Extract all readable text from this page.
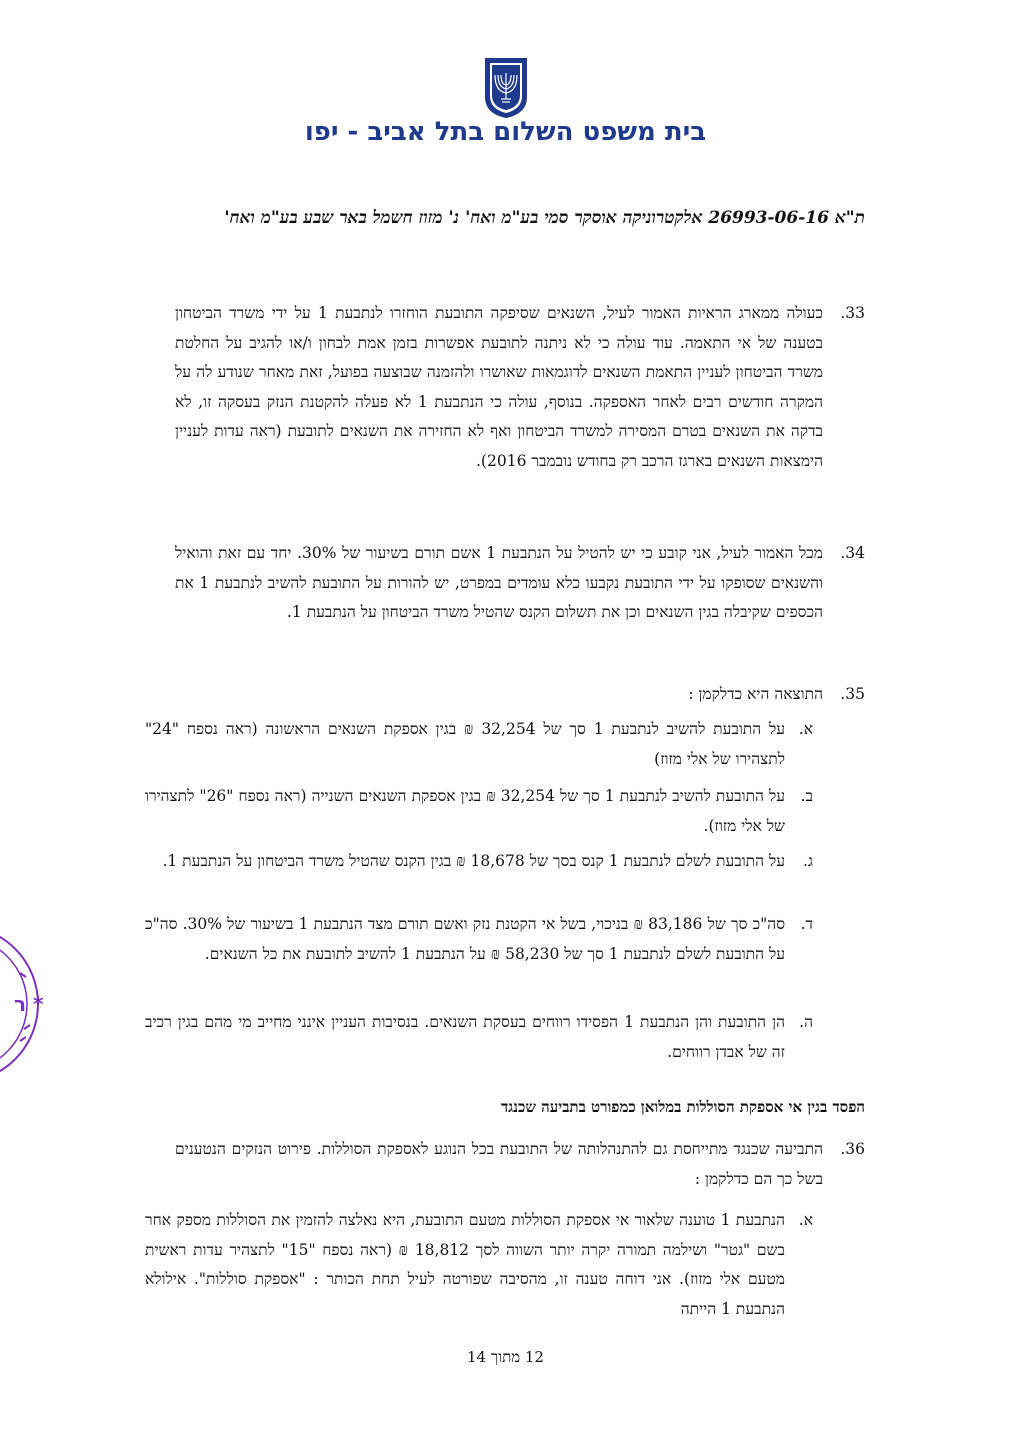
בית משפט השלום בתל אביב - יפו
ת"א 26993-06-16 אלקטרוניקה אוסקר סמי בע"מ ואח' נ' מזוז חשמל באר שבע בע"מ ואח'
33.
כעולה ממארג הראיות האמור לעיל, השנאים שסיפקה התובעת הוחזרו לנתבעת 1 על ידי משרד הביטחון בטענה של אי התאמה. עוד עולה כי לא ניתנה לתובעת אפשרות בזמן אמת לבחון ו/או להגיב על החלטת משרד הביטחון לעניין התאמת השנאים לדוגמאות שאושרו ולהזמנה שבוצעה בפועל, זאת מאחר שנודע לה על המקרה חודשים רבים לאחר האספקה. בנוסף, עולה כי הנתבעת 1 לא פעלה להקטנת הנזק בעסקה זו, לא בדקה את השנאים בטרם המסירה למשרד הביטחון ואף לא החזירה את השנאים לתובעת (ראה עדות לעניין הימצאות השנאים בארגז הרכב רק בחודש נובמבר 2016).
34.
מכל האמור לעיל, אני קובע כי יש להטיל על הנתבעת 1 אשם תורם בשיעור של 30%. יחד עם זאת והואיל והשנאים שסופקו על ידי התובעת נקבעו כלא עומדים במפרט, יש להורות על התובעת להשיב לנתבעת 1 את הכספים שקיבלה בגין השנאים וכן את תשלום הקנס שהטיל משרד הביטחון על הנתבעת 1.
35.
התוצאה היא כדלקמן :
א.
על התובעת להשיב לנתבעת 1 סך של 32,254 ₪ בגין אספקת השנאים הראשונה (ראה נספח "24" לתצהירו של אלי מזוז)
ב.
על התובעת להשיב לנתבעת 1 סך של 32,254 ₪ בגין אספקת השנאים השנייה (ראה נספח "26" לתצהירו של אלי מזוז).
ג.
על התובעת לשלם לנתבעת 1 קנס בסך של 18,678 ₪ בגין הקנס שהטיל משרד הביטחון על הנתבעת 1.
ד.
סה"כ סך של 83,186 ₪ בניכוי, בשל אי הקטנת נזק ואשם תורם מצד הנתבעת 1 בשיעור של 30%. סה"כ על התובעת לשלם לנתבעת 1 סך של 58,230 ₪ על הנתבעת 1 להשיב לתובעת את כל השנאים.
ה.
הן התובעת והן הנתבעת 1 הפסידו רווחים בעסקת השנאים. בנסיבות העניין אינני מחייב מי מהם בגין רכיב זה של אבדן רווחים.
הפסד בגין אי אספקת הסוללות במלואן כמפורט בתביעה שכנגד
36.
התביעה שכנגד מתייחסת גם להתנהלותה של התובעת בכל הנוגע לאספקת הסוללות. פירוט הנזקים הנטענים בשל כך הם כדלקמן :
א.
הנתבעת 1 טוענה שלאור אי אספקת הסוללות מטעם התובעת, היא נאלצה להזמין את הסוללות מספק אחר בשם "גטר" ושילמה תמורה יקרה יותר השווה לסך 18,812 ₪ (ראה נספח "15" לתצהיר עדות ראשית מטעם אלי מזוז). אני דוחה טענה זו, מהסיבה שפורטה לעיל תחת הכותר : "אספקת סוללות". אילולא הנתבעת 1 הייתה
12 מתוך 14
ר *
